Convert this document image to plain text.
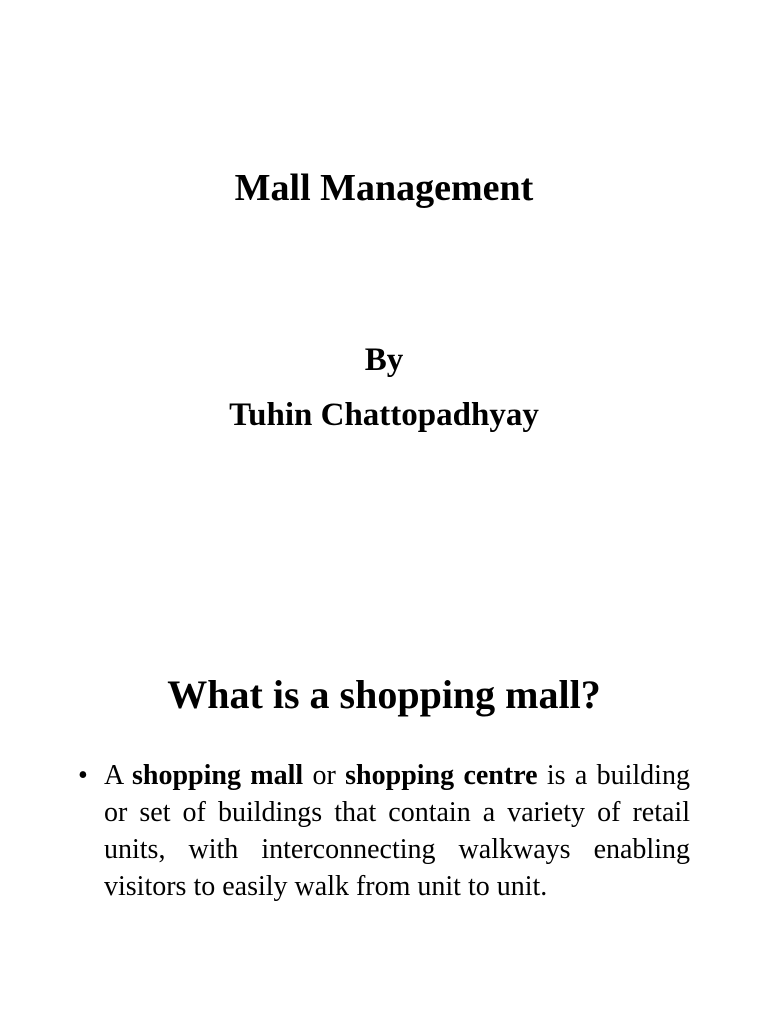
Mall Management
By
Tuhin Chattopadhyay
What is a shopping mall?
• A shopping mall or shopping centre is a building or set of buildings that contain a variety of retail units, with interconnecting walkways enabling visitors to easily walk from unit to unit.
